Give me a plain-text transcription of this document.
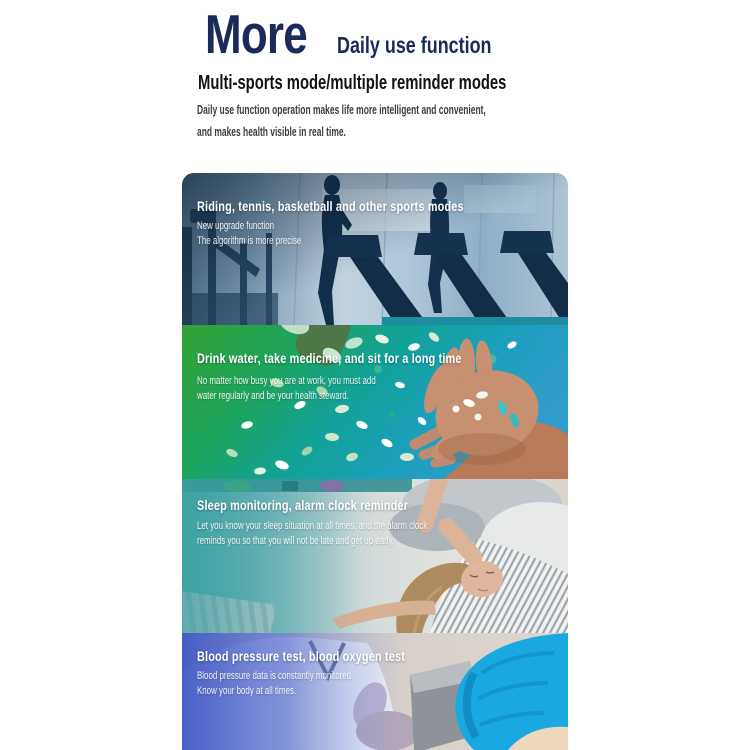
More Daily use function
Multi-sports mode/multiple reminder modes

Daily use function operation makes life more intelligent and convenient,

and makes health visible in real time.

Riding, tennis, basketball and other sports modes

New upgrade function
The algorithm is more precise

Drink water, take medicine, and sit for a long time

No matter how busy you are at work, you must add
water regularly and be your health steward.

Sleep monitoring, alarm clock reminder

Let you know your sleep situation at all times, and the alarm clock
reminds you so that you will not be late and get up early.

Blood pressure test, blood oxygen test

Blood pressure data is constantly monitored
Know your body at all times.
